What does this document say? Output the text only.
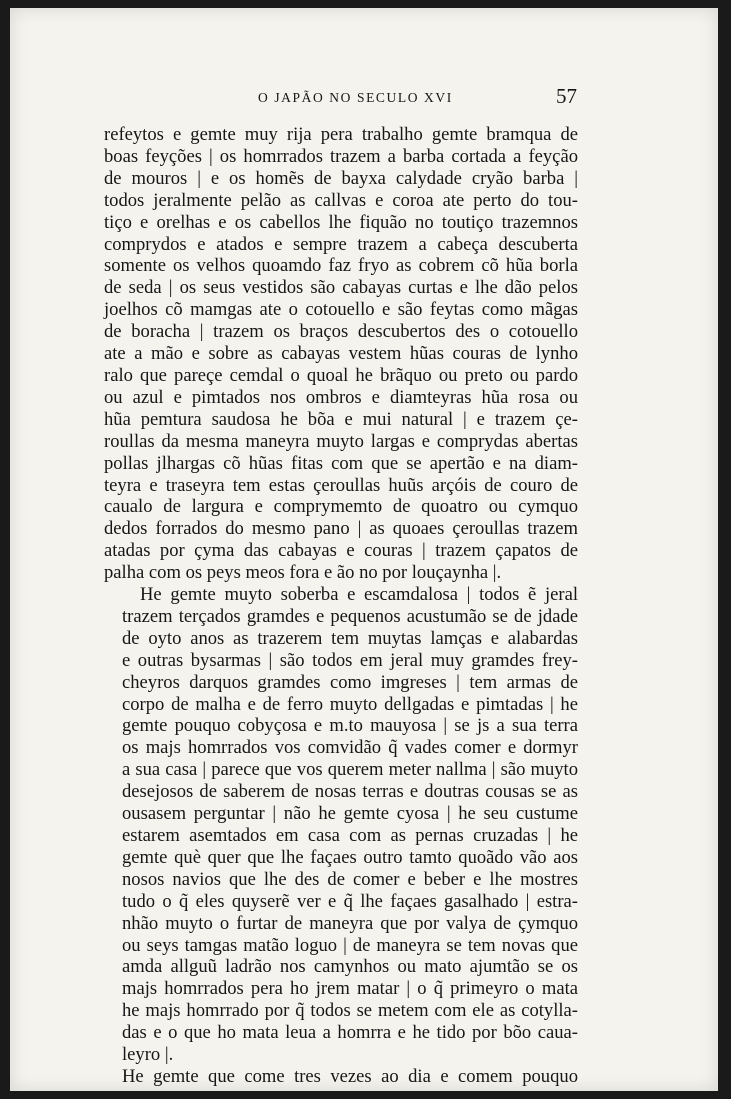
O JAPÃO NO SECULO XVI	57

refeytos e gemte muy rija pera trabalho gemte bramqua de
boas feyções | os homrrados trazem a barba cortada a feyção
de mouros | e os homẽs de bayxa calydade cryão barba |
todos jeralmente pelão as callvas e coroa ate perto do tou-
tiço e orelhas e os cabellos lhe fiquão no toutiço trazemnos
comprydos e atados e sempre trazem a cabeça descuberta
somente os velhos quoamdo faz fryo as cobrem cõ hũa borla
de seda | os seus vestidos são cabayas curtas e lhe dão pelos
joelhos cõ mamgas ate o cotouello e são feytas como mãgas
de boracha | trazem os braços descubertos des o cotouello
ate a mão e sobre as cabayas vestem hũas couras de lynho
ralo que pareçe cemdal o quoal he brãquo ou preto ou pardo
ou azul e pimtados nos ombros e diamteyras hũa rosa ou
hũa pemtura saudosa he bõa e mui natural | e trazem çe-
roullas da mesma maneyra muyto largas e comprydas abertas
pollas jlhargas cõ hũas fitas com que se apertão e na diam-
teyra e traseyra tem estas çeroullas huũs arçóis de couro de
caualo de largura e comprymemto de quoatro ou cymquo
dedos forrados do mesmo pano | as quoaes çeroullas trazem
atadas por çyma das cabayas e couras | trazem çapatos de
palha com os peys meos fora e ão no por louçaynha |.

He gemte muyto soberba e escamdalosa | todos ẽ jeral
trazem terçados gramdes e pequenos acustumão se de jdade
de oyto anos as trazerem tem muytas lamças e alabardas
e outras bysarmas | são todos em jeral muy gramdes frey-
cheyros darquos gramdes como imgreses | tem armas de
corpo de malha e de ferro muyto dellgadas e pimtadas | he
gemte pouquo cobyçosa e m.to mauyosa | se js a sua terra
os majs homrrados vos comvidão q̃ vades comer e dormyr
a sua casa | parece que vos querem meter nallma | são muyto
desejosos de saberem de nosas terras e doutras cousas se as
ousasem perguntar | não he gemte cyosa | he seu custume
estarem asemtados em casa com as pernas cruzadas | he
gemte què quer que lhe façaes outro tamto quoãdo vão aos
nosos navios que lhe des de comer e beber e lhe mostres
tudo o q̃ eles quyserẽ ver e q̃ lhe façaes gasalhado | estra-
nhão muyto o furtar de maneyra que por valya de çymquo
ou seys tamgas matão loguo | de maneyra se tem novas que
amda allguũ ladrão nos camynhos ou mato ajumtão se os
majs homrrados pera ho jrem matar | o q̃ primeyro o mata
he majs homrrado por q̃ todos se metem com ele as cotylla-
das e o que ho mata leua a homrra e he tido por bõo caua-
leyro |.

He gemte que come tres vezes ao dia e comem pouquo
